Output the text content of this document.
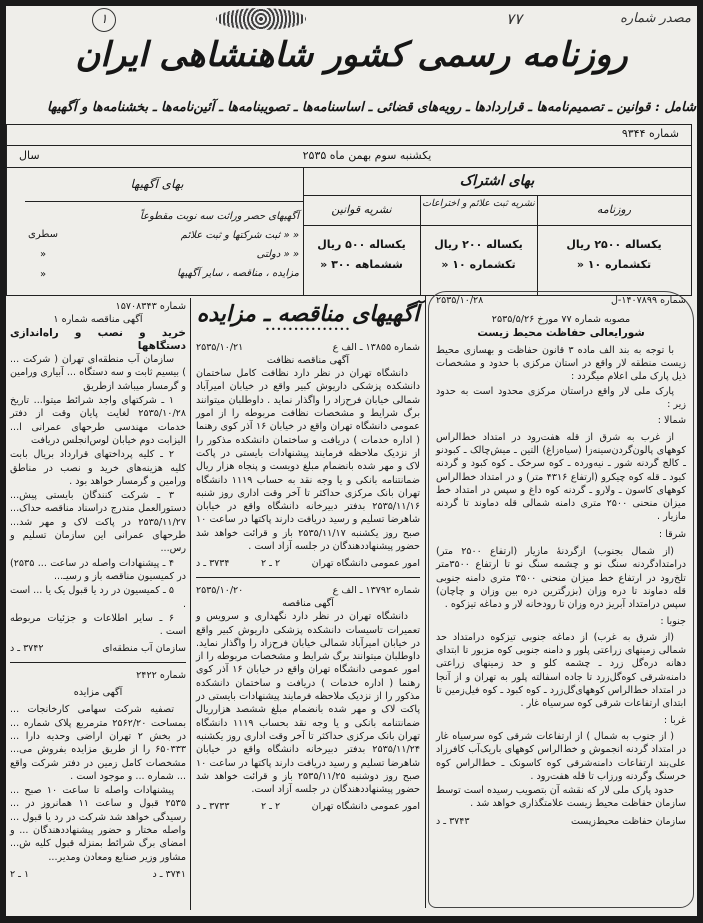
۱	۷۷	مصدر شماره
روزنامه رسمی کشور شاهنشاهی ایران
شامل : قوانین ـ تصمیم‌نامه‌ها ـ قراردادها ـ رویه‌های قضائی ـ اساسنامه‌ها ـ تصویبنامه‌ها ـ آئین‌نامه‌ها ـ بخشنامه‌ها و آگهیها
شماره ۹۳۴۴
یکشنبه سوم بهمن ماه ۲۵۳۵
سال
بهای اشتراک
بهای آگهیها
روزنامه
نشریه ثبت علائم و اختراعات
نشریه قوانین
یکساله ۲۵۰۰ ریال
تکشماره ۱۰ «
یکساله ۲۰۰ ریال
تکشماره ۱۰ «
یکساله ۵۰۰ ریال
ششماهه ۳۰۰ «
آگهیهای حصر وراثت سه نوبت مقطوعاً
« « ثبت شرکتها و ثبت علائم
« « دولتی
مزایده ، مناقصه ، سایر آگهیها
سطری
«
«
شماره ۱۴۰۷۸۹۹-ل
۲۵۳۵/۱۰/۲۸
مصوبه شماره ۷۷ مورخ ۲۵۳۵/۵/۲۶
شورایعالی حفاظت محیط زیست

با توجه به بند الف ماده ۳ قانون حفاظت و بهسازی محیط زیست منطقه لار واقع در استان مرکزی با حدود و مشخصات ذیل پارک ملی اعلام میگردد :

پارک ملی لار واقع دراستان مرکزی محدود است به حدود زیر :

شمالا :

از غرب به شرق از قله هفت‌رود در امتداد خط‌الراس کوههای پالون‌گردن‌سینه‌زا (سیاه‌زاغ) التین ـ میش‌چالک ـ کبودنو ـ کالج گردنه شور ـ نیه‌ورده ـ کوه سرخک ـ کوه کبود و گردنه کبود ـ قله کوه چیکرو (ارتفاع ۴۳۱۶ متر) و در امتداد خط‌الراس کوههای کاسون ـ ولارو ـ گردنه کوه داغ و سپس در امتداد خط میزان منحنی ۲۵۰۰ متری دامنه شمالی قله دماوند تا گردنه مازیار .

شرقا :

(از شمال بجنوب) ازگردنهٔ مازیار (ارتفاع ۲۵۰۰ متر) درامتدادگردنه سنگ نو و چشمه سنگ نو تا ارتفاع ۳۵۰۰متر تلخ‌رود در ارتفاع خط میزان منحنی ۳۵۰۰ متری دامنه جنوبی قله دماوند تا دره وزان (بزرگترین دره بین وزان و چاچان) سپس درامتداد آبریز دره وزان تا رودخانه لار و دماغه تیزکوه .

جنوبا :

(از شرق به غرب) از دماغه جنوبی تیزکوه درامتداد حد شمالی زمینهای زراعتی پلور و دامنه جنوبی کوه مزبور تا ابتدای دهانه دره‌گل زرد ـ چشمه کلو و حد زمینهای زراعتی دامنه‌شرقی کوه‌گل‌زرد تا جاده اسفالته پلور به تهران و از آنجا در امتداد خط‌الراس کوههای‌گل‌زرد ـ کوه کبود ـ کوه فیل‌زمین تا ابتدای ارتفاعات شرقی کوه سرسیاه غار .

غربا :

( از جنوب به شمال ) از ارتفاعات شرقی کوه سرسیاه غار در امتداد گردنه انجموش و خط‌الراس کوههای باریک‌آب کافرزاد علی‌بند ارتفاعات دامنه‌شرقی کوه کاسونک ـ خط‌الراس کوه خرسنگ وگردنه ورزاب تا قله هفت‌رود .

حدود پارک ملی لار که نقشه آن بتصویب رسیده است توسط سازمان حفاظت محیط زیست علامتگذاری خواهد شد .

سازمان حفاظت محیط‌زیست
۳۷۴۳ ـ د
آگهیهای مناقصه ـ مزایده
•••••••••••••••
شماره ۱۳۸۵۵ ـ الف ع
۲۵۳۵/۱۰/۲۱
آگهی مناقصه نظافت

دانشگاه تهران در نظر دارد نظافت کامل ساختمان دانشکده پزشکی داریوش کبیر واقع در خیابان امیرآباد شمالی خیابان فرح‌زاد را واگذار نماید . داوطلبان میتوانند برگ شرایط و مشخصات نظافت مربوطه را از امور عمومی دانشگاه تهران واقع در خیابان ۱۶ آذر کوی رهنما ( اداره خدمات ) دریافت و ساختمان دانشکده مذکور را از نزدیک ملاحظه فرمایند پیشنهادات بایستی در پاکت لاک و مهر شده بانضمام مبلغ دویست و پنجاه هزار ریال ضمانتنامه بانکی و یا وجه نقد به حساب ۱۱۱۹ دانشگاه تهران بانک مرکزی حداکثر تا آخر وقت اداری روز شنبه ۲۵۳۵/۱۱/۱۶ بدفتر دبیرخانه دانشگاه واقع در خیابان شاهرضا تسلیم و رسید دریافت دارند پاکتها در ساعت ۱۰ صبح روز یکشنبه ۲۵۳۵/۱۱/۱۷ باز و قرائت خواهد شد حضور پیشنهاددهندگان در جلسه آزاد است .

امور عمومی دانشگاه تهران
۲ ـ ۲
۳۷۳۴ ـ د
شماره ۱۳۷۹۲ ـ الف ع
۲۵۳۵/۱۰/۲۰
آگهی مناقصه

دانشگاه تهران در نظر دارد نگهداری و سرویس و تعمیرات تاسیسات دانشکده پزشکی داریوش کبیر واقع در خیابان امیرآباد شمالی خیابان فرح‌زاد را واگذار نماید. داوطلبان میتوانند برگ شرایط و مشخصات مربوطه را از امور عمومی دانشگاه تهران واقع در خیابان ۱۶ آذر کوی رهنما ( اداره خدمات ) دریافت و ساختمان دانشکده مذکور را از نزدیک ملاحظه فرمایند پیشنهادات بایستی در پاکت لاک و مهر شده بانضمام مبلغ ششصد هزارریال ضمانتنامه بانکی و یا وجه نقد بحساب ۱۱۱۹ دانشگاه تهران بانک مرکزی حداکثر تا آخر وقت اداری روز یکشنبه ۲۵۳۵/۱۱/۲۴ بدفتر دبیرخانه دانشگاه واقع در خیابان شاهرضا تسلیم و رسید دریافت دارند پاکتها در ساعت ۱۰ صبح روز دوشنبه ۲۵۳۵/۱۱/۲۵ باز و قرائت خواهد شد حضور پیشنهاددهندگان در جلسه آزاد است.

امور عمومی دانشگاه تهران
۲ ـ ۲
۳۷۳۳ ـ د
شماره ۱۵۷۰۸۳۴۳
آگهی مناقصه شماره ۱
خرید و نصب و راه‌اندازی دستگاهها

سازمان آب منطقه‌ای تهران ( شرکت ... ) بیسیم ثابت و سه دستگاه ... آبیاری ورامین و گرمسار میباشد ازطریق

۱ ـ شرکتهای واجد شرائط میتوا... تاریخ ۲۵۳۵/۱۰/۲۸ لغایت پایان وقت از دفتر خدمات مهندسی طرحهای عمرانی ا... الیزابت دوم خیابان لوس‌انجلس دریافت

۲ ـ کلیه پرداختهای قرارداد بریال بابت کلیه هزینه‌های خرید و نصب در مناطق ورامین و گرمسار خواهد بود .

۳ ـ شرکت کنندگان بایستی پیش... دستورالعمل مندرج دراسناد مناقصه حداک... ۲۵۳۵/۱۱/۲۷ در پاکت لاک و مهر شد... طرحهای عمرانی این سازمان تسلیم و رس...

۴ ـ پیشنهادات واصله در ساعت ... ۲۵۳۵) در کمیسیون مناقصه باز و رسیـ...

۵ ـ کمیسیون در رد یا قبول یک یا ... است .

۶ ـ سایر اطلاعات و جزئیات مربوطه است .

سازمان آب منطقه‌ای
۳۷۴۲ ـ د
شماره ۲۴۲۲
آگهی مزایده

تصفیه شرکت سهامی کارخانجات ... بمساحت ۲۵۶۲/۲۰ مترمربع پلاک شماره ... در بخش ۲ تهران اراضی وحدیه دارا ... ۶۵۰۳۳۳ را از طریق مزایده بفروش می... مشخصات کامل زمین در دفتر شرکت واقع ... شماره ... و موجود است .

پیشنهادات واصله تا ساعت ۱۰ صبح ... ۲۵۳۵ قبول و ساعت ۱۱ همانروز در ... رسیدگی خواهد شد شرکت در رد یا قبول ... واصله مختار و حضور پیشنهاددهندگان ... و امضای برگ شرائط بمنزله قبول کلیه ش... مشاور وزیر صنایع ومعادن ومدیر...

۳۷۴۱ ـ د
۱ ـ ۲
